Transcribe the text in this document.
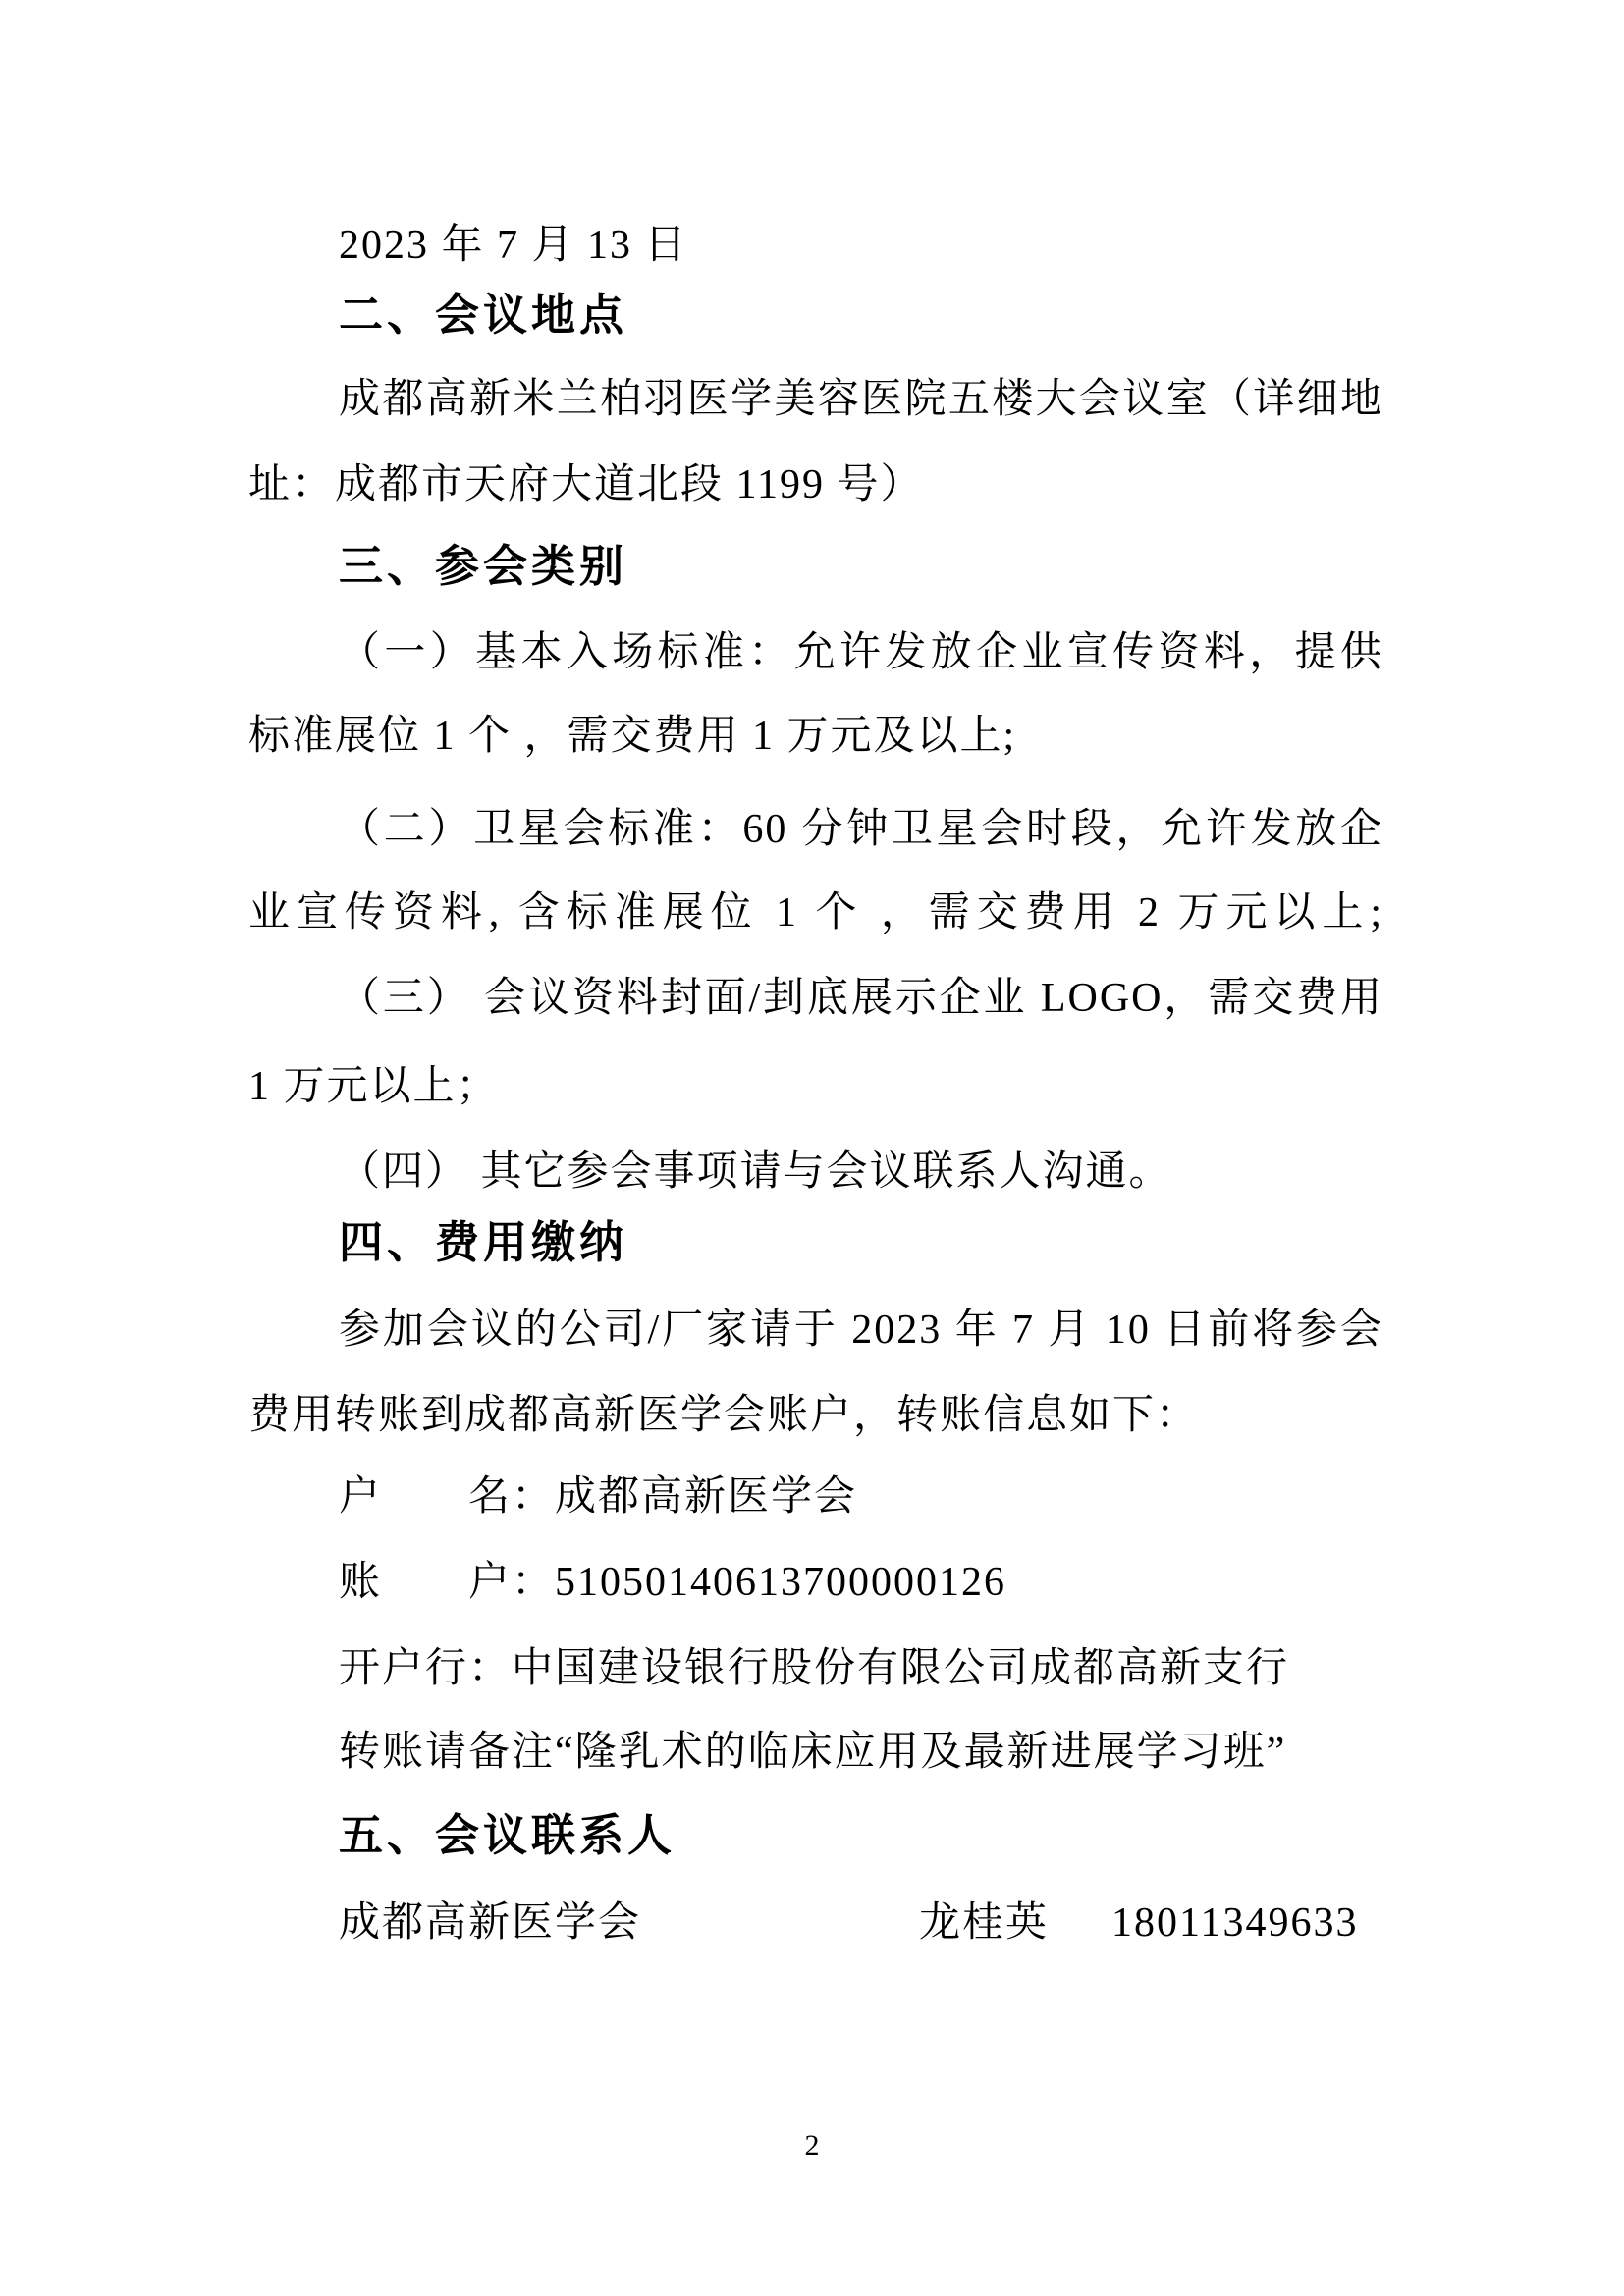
2023 年 7 月 13 日
二、会议地点
成都高新米兰柏羽医学美容医院五楼大会议室（详细地
址：成都市天府大道北段 1199 号）
三、参会类别
（一）基本入场标准：允许发放企业宣传资料，提供
标准展位 1 个 ，需交费用 1 万元及以上;
（二）卫星会标准：60 分钟卫星会时段，允许发放企
业宣传资料, 含标准展位 1 个 ，需交费用 2 万元以上;
（三） 会议资料封面/刲底展示企业 LOGO，需交费用
1 万元以上；
（四） 其它参会事项请与会议联系人沟通。
四、费用缴纳
参加会议的公司/厂家请于 2023 年 7 月 10 日前将参会
费用转账到成都高新医学会账户，转账信息如下：
户　　名：成都高新医学会
账　　户：51050140613700000126
开户行：中国建设银行股份有限公司成都高新支行
转账请备注“隆乳术的临床应用及最新进展学习班”
五、会议联系人
成都高新医学会	龙桂英 18011349633
2
